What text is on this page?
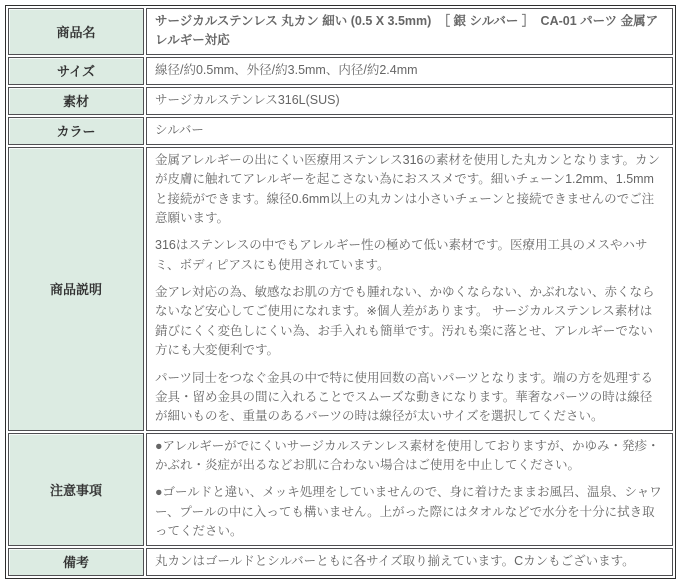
商品名	サージカルステンレス 丸カン 細い (0.5 X 3.5mm)　［ 銀 シルバー ］　CA-01 パーツ 金属アレルギー対応
サイズ	線径/約0.5mm、外径/約3.5mm、内径/約2.4mm
素材	サージカルステンレス316L(SUS)
カラー	シルバー
商品説明	金属アレルギーの出にくい医療用ステンレス316の素材を使用した丸カンとなります。カンが皮膚に触れてアレルギーを起こさない為におススメです。細いチェーン1.2mm、1.5mmと接続ができます。線径0.6mm以上の丸カンは小さいチェーンと接続できませんのでご注意願います。

316はステンレスの中でもアレルギー性の極めて低い素材です。医療用工具のメスやハサミ、ボディピアスにも使用されています。

金アレ対応の為、敏感なお肌の方でも腫れない、かゆくならない、かぶれない、赤くならないなど安心してご使用になれます。※個人差があります。 サージカルステンレス素材は錆びにくく変色しにくい為、お手入れも簡単です。汚れも楽に落とせ、アレルギーでない方にも大変便利です。

パーツ同士をつなぐ金具の中で特に使用回数の高いパーツとなります。端の方を処理する金具・留め金具の間に入れることでスムーズな動きになります。華奢なパーツの時は線径が細いものを、重量のあるパーツの時は線径が太いサイズを選択してください。

注意事項	●アレルギーがでにくいサージカルステンレス素材を使用しておりますが、かゆみ・発疹・かぶれ・炎症が出るなどお肌に合わない場合はご使用を中止してください。

●ゴールドと違い、メッキ処理をしていませんので、身に着けたままお風呂、温泉、シャワー、プールの中に入っても構いません。上がった際にはタオルなどで水分を十分に拭き取ってください。

備考	丸カンはゴールドとシルバーともに各サイズ取り揃えています。Cカンもございます。
